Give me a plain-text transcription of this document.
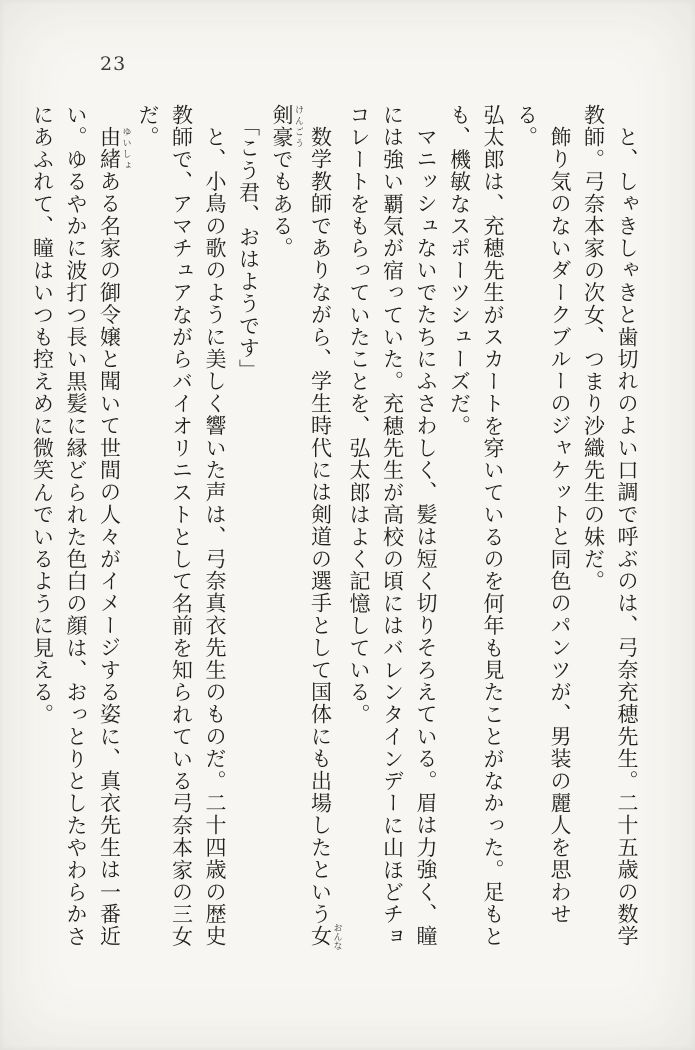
23
と、しゃきしゃきと歯切れのよい口調で呼ぶのは、弓奈充穂先生。二十五歳の数学
教師。弓奈本家の次女、つまり沙織先生の妹だ。
飾り気のないダークブルーのジャケットと同色のパンツが、男装の麗人を思わせる。
弘太郎は、充穂先生がスカートを穿いているのを何年も見たことがなかった。足もと
も、機敏なスポーツシューズだ。
マニッシュないでたちにふさわしく、髪は短く切りそろえている。眉は力強く、瞳
には強い覇気が宿っていた。充穂先生が高校の頃にはバレンタインデーに山ほどチョ
コレートをもらっていたことを、弘太郎はよく記憶している。
数学教師でありながら、学生時代には剣道の選手として国体にも出場したという女 おんな
剣豪 けんごうでもある。
「こう君、おはようです」
と、小鳥の歌のように美しく響いた声は、弓奈真衣先生のものだ。二十四歳の歴史
教師で、アマチュアながらバイオリニストとして名前を知られている弓奈本家の三女
だ。
由緒 ゆいしょある名家の御令嬢と聞いて世間の人々がイメージする姿に、真衣先生は一番近
い。ゆるやかに波打つ長い黒髪に縁どられた色白の顔は、おっとりとしたやわらかさ
にあふれて、瞳はいつも控えめに微笑んでいるように見える。
